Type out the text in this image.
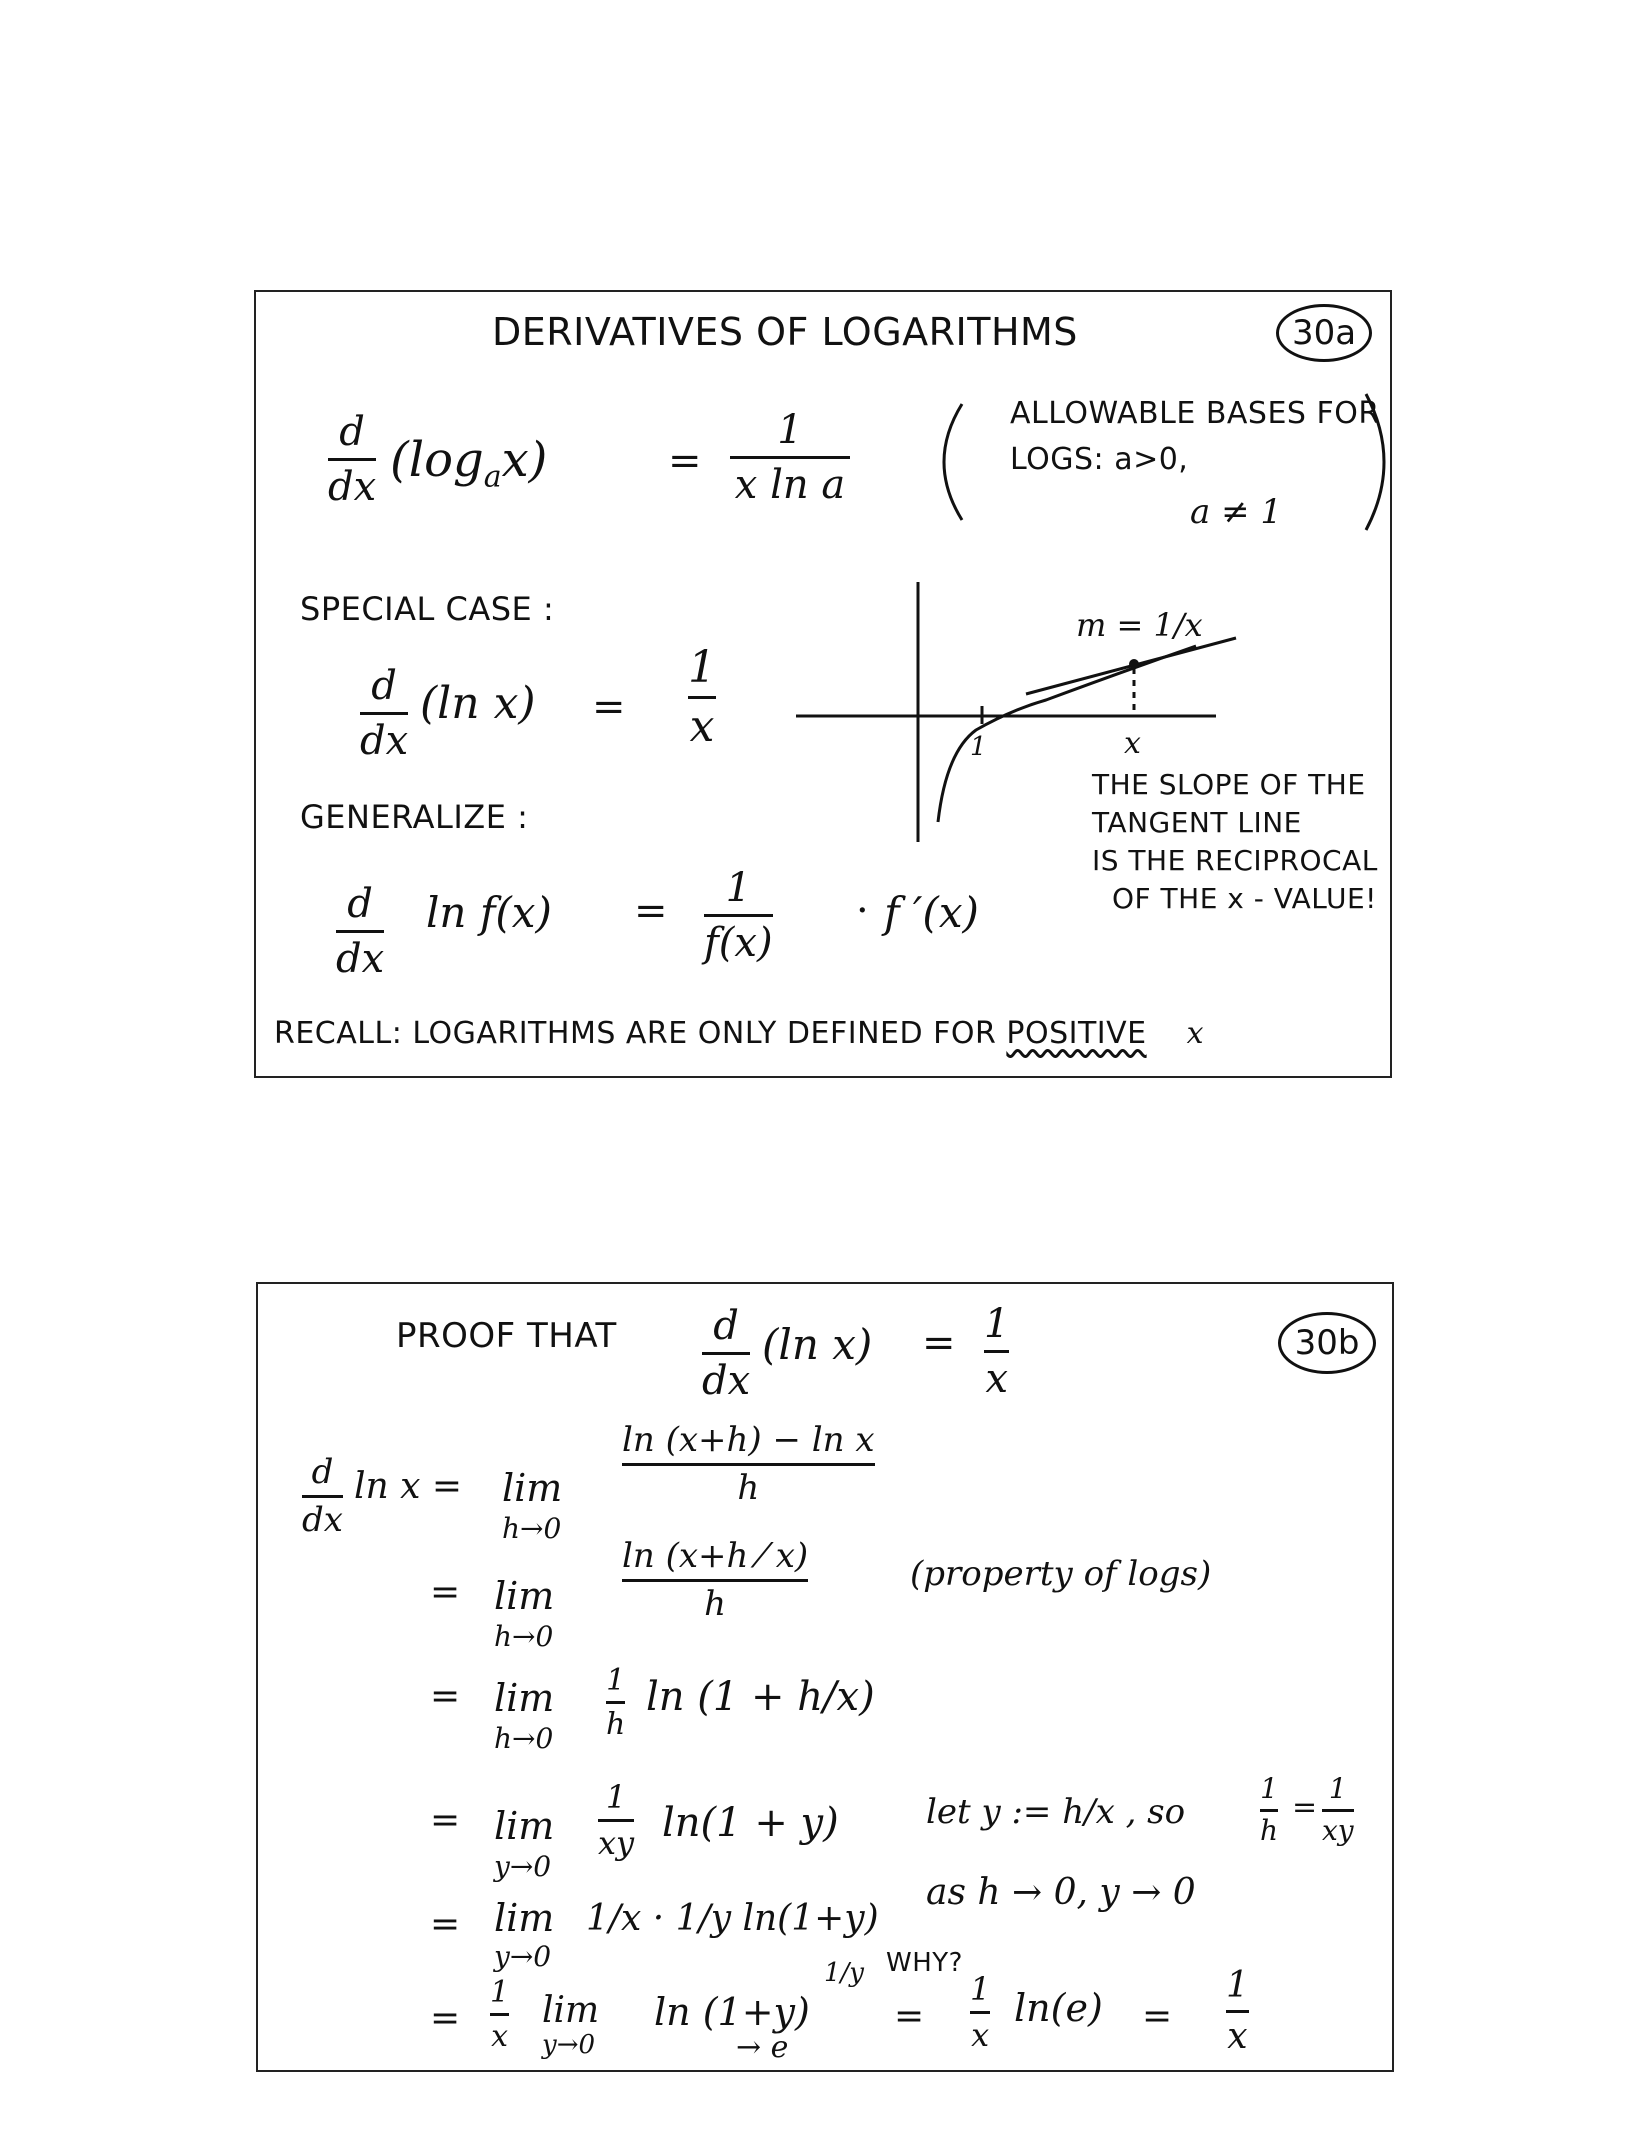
DERIVATIVES OF LOGARITHMS	30a
d
dx $(\log_ax)$	=
1
x ln a
ALLOWABLE BASES FOR
LOGS: a>0,
a ≠ 1
SPECIAL CASE :
d
dx
(ln x) =
1
x
m = 1/x
1	x
THE SLOPE OF THE
TANGENT LINE
IS THE RECIPROCAL
OF THE x - VALUE!
GENERALIZE :
d
dx
ln f(x) = 1
f(x)
· f ′(x)
RECALL: LOGARITHMS ARE ONLY DEFINED FOR POSITIVE x
PROOF THAT d
dx
(ln x) = 1
x
30b
d
dx
ln x = lim
h→0
ln (x+h) − ln x
h
= lim
h→0
ln (x+h ⁄ x)
h
(property of logs)
= lim
h→0
1
h
ln (1 + h/x)
= lim
y→0
1
xy ln(1 + y)	let y := h/x , so
1
h
=
1
xy
= lim
y→0
1/x · 1/y ln(1+y)
as h → 0, y → 0
=
1
x
lim
y→0
ln (1+y)
1/y WHY?
→ e
=
1
x
ln(e) =
1
x
